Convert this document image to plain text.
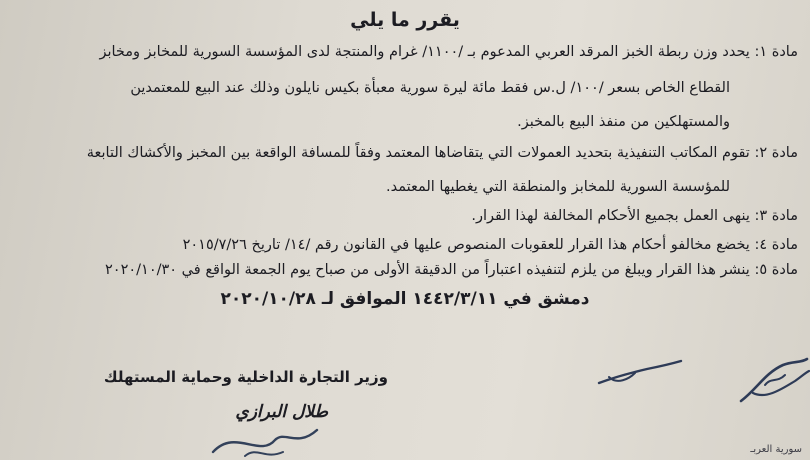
يقرر ما يلي
مادة ١: يحدد وزن ربطة الخبز المرقد العربي المدعوم بـ /١١٠٠/ غرام والمنتجة لدى المؤسسة السورية للمخابز ومخابز
القطاع الخاص بسعر /١٠٠/ ل.س فقط مائة ليرة سورية معبأة بكيس نايلون وذلك عند البيع للمعتمدين
والمستهلكين من منفذ البيع بالمخبز.
مادة ٢: تقوم المكاتب التنفيذية بتحديد العمولات التي يتقاضاها المعتمد وفقاً للمسافة الواقعة بين المخبز والأكشاك التابعة
للمؤسسة السورية للمخابز والمنطقة التي يغطيها المعتمد.
مادة ٣: ينهى العمل بجميع الأحكام المخالفة لهذا القرار.
مادة ٤: يخضع مخالفو أحكام هذا القرار للعقوبات المنصوص عليها في القانون رقم /١٤/ تاريخ ٢٠١٥/٧/٢٦
مادة ٥: ينشر هذا القرار ويبلغ من يلزم لتنفيذه اعتباراً من الدقيقة الأولى من صباح يوم الجمعة الواقع في ٢٠٢٠/١٠/٣٠
دمشق في ١٤٤٢/٣/١١ الموافق لـ ٢٠٢٠/١٠/٢٨
وزير التجارة الداخلية وحماية المستهلك
طلال البرازي
سورية العربـ
